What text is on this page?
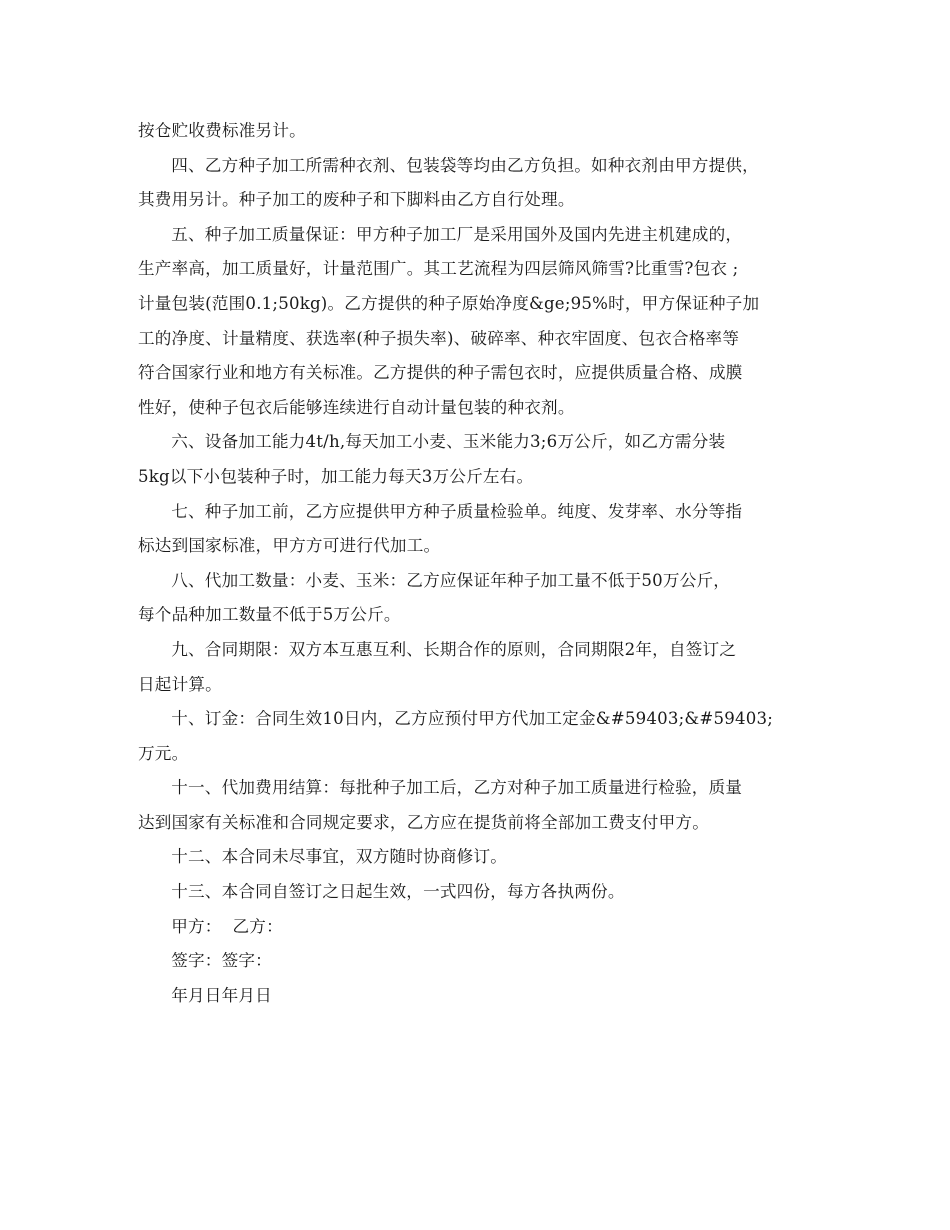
按仓贮收费标准另计。

四、乙方种子加工所需种衣剂、包装袋等均由乙方负担。如种衣剂由甲方提供，
其费用另计。种子加工的废种子和下脚料由乙方自行处理。

五、种子加工质量保证：甲方种子加工厂是采用国外及国内先进主机建成的，
生产率高，加工质量好，计量范围广。其工艺流程为四层筛风筛雪?比重雪?包衣 ;
计量包装(范围0.1;50kg)。乙方提供的种子原始净度&ge;95%时，甲方保证种子加
工的净度、计量精度、获选率(种子损失率)、破碎率、种衣牢固度、包衣合格率等
符合国家行业和地方有关标准。乙方提供的种子需包衣时，应提供质量合格、成膜
性好，使种子包衣后能够连续进行自动计量包装的种衣剂。

六、设备加工能力4t/h,每天加工小麦、玉米能力3;6万公斤，如乙方需分装
5kg以下小包装种子时，加工能力每天3万公斤左右。

七、种子加工前，乙方应提供甲方种子质量检验单。纯度、发芽率、水分等指
标达到国家标准，甲方方可进行代加工。

八、代加工数量：小麦、玉米：乙方应保证年种子加工量不低于50万公斤，
每个品种加工数量不低于5万公斤。

九、合同期限：双方本互惠互利、长期合作的原则，合同期限2年，自签订之
日起计算。

十、订金：合同生效10日内，乙方应预付甲方代加工定金&#59403;&#59403;
万元。

十一、代加费用结算：每批种子加工后，乙方对种子加工质量进行检验，质量
达到国家有关标准和合同规定要求，乙方应在提货前将全部加工费支付甲方。

十二、本合同未尽事宜，双方随时协商修订。

十三、本合同自签订之日起生效，一式四份，每方各执两份。

甲方：  乙方：

签字：签字：

年月日年月日
